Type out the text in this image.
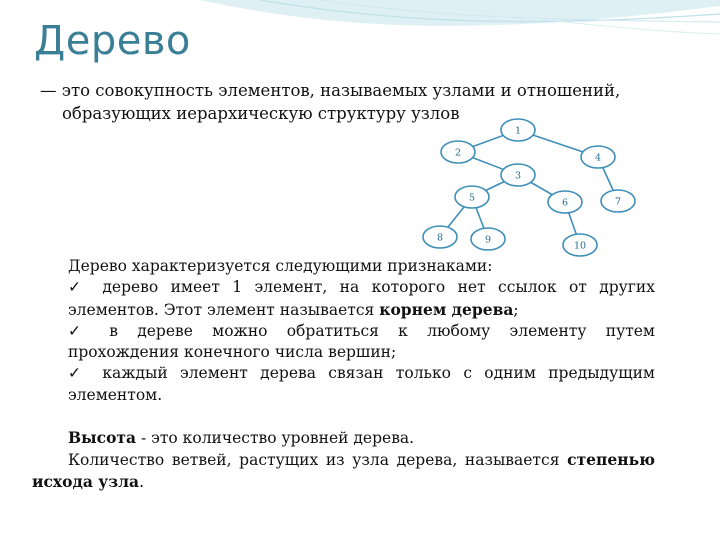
Дерево
— это совокупность элементов, называемых узлами и отношений,
образующих иерархическую структуру узлов
1
2
3
4
5	6	7
8	9
10

Дерево характеризуется следующими признаками:

✓ дерево имеет 1 элемент, на которого нет ссылок от других

элементов. Этот элемент называется корнем дерева;

✓ в дереве можно обратиться к любому элементу путем

прохождения конечного числа вершин;

✓ каждый элемент дерева связан только с одним предыдущим

элементом.

Высота - это количество уровней дерева.

Количество ветвей, растущих из узла дерева, называется степенью

исхода узла.
